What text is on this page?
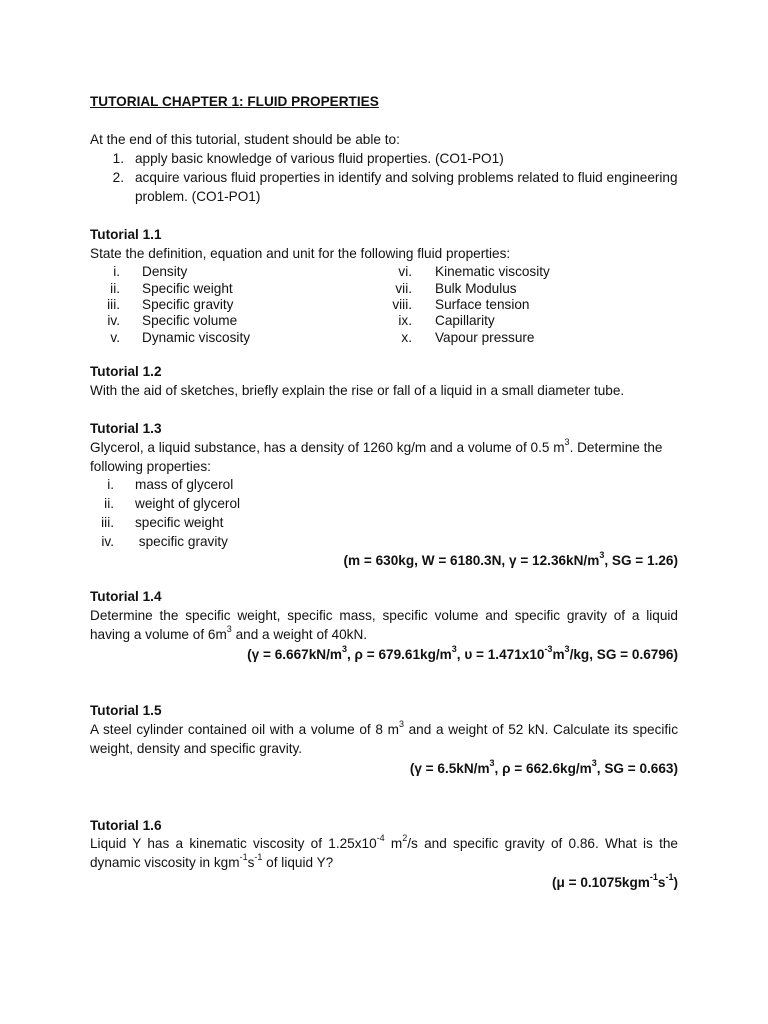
TUTORIAL CHAPTER 1: FLUID PROPERTIES
At the end of this tutorial, student should be able to:
1. apply basic knowledge of various fluid properties. (CO1-PO1)
2. acquire various fluid properties in identify and solving problems related to fluid engineering
problem. (CO1-PO1)
Tutorial 1.1
State the definition, equation and unit for the following fluid properties:
i. Density
ii. Specific weight
iii. Specific gravity
iv. Specific volume
v. Dynamic viscosity
vi. Kinematic viscosity
vii. Bulk Modulus
viii. Surface tension
ix. Capillarity
x. Vapour pressure
Tutorial 1.2
With the aid of sketches, briefly explain the rise or fall of a liquid in a small diameter tube.
Tutorial 1.3
Glycerol, a liquid substance, has a density of 1260 kg/m and a volume of 0.5 $m^3$. Determine the
following properties:
i. mass of glycerol
ii. weight of glycerol
iii. specific weight
iv. specific gravity
(m = 630kg, W = 6180.3N, $\gamma = 12.36kN/m^3$, SG = 1.26)
Tutorial 1.4
Determine the specific weight, specific mass, specific volume and specific gravity of a liquid having a volume of $6m^3$ and a weight of 40kN.
($\gamma = 6.667kN/m^3$, $\rho = 679.61kg/m^3$, $\upsilon = 1.471x10^{-3}m^3/kg$, SG = 0.6796)
Tutorial 1.5
A steel cylinder contained oil with a volume of 8 $m^3$ and a weight of 52 kN. Calculate its specific weight, density and specific gravity.
($\gamma = 6.5kN/m^3$, $\rho = 662.6kg/m^3$, SG = 0.663)
Tutorial 1.6
Liquid Y has a kinematic viscosity of $1.25x10^{-4}$ $m^2/s$ and specific gravity of 0.86. What is the dynamic viscosity in $kgm^{-1}s^{-1}$ of liquid Y?
$(\mu = 0.1075kgm^{-1}s^{-1})$
